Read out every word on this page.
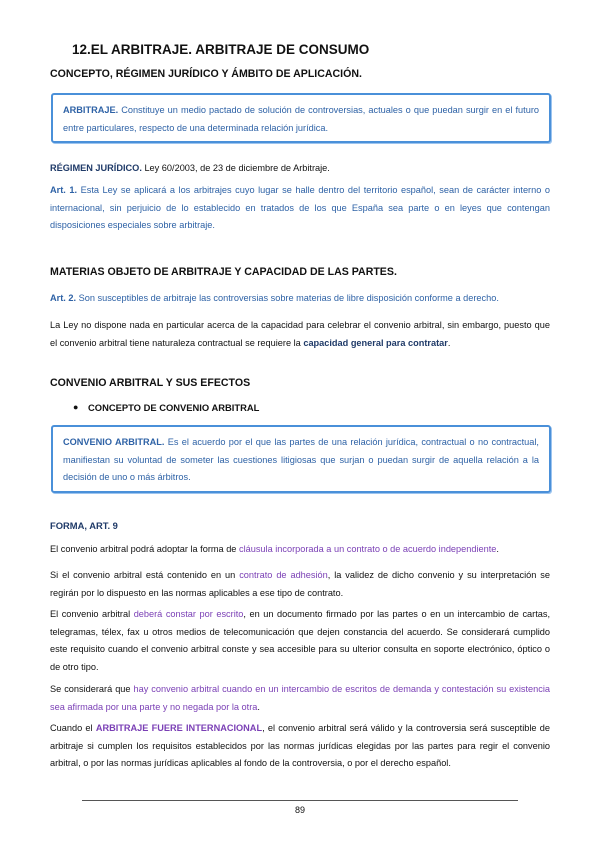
12.EL ARBITRAJE. ARBITRAJE DE CONSUMO
CONCEPTO, RÉGIMEN JURÍDICO Y ÁMBITO DE APLICACIÓN.
ARBITRAJE. Constituye un medio pactado de solución de controversias, actuales o que puedan surgir en el futuro entre particulares, respecto de una determinada relación jurídica.
RÉGIMEN JURÍDICO. Ley 60/2003, de 23 de diciembre de Arbitraje.
Art. 1. Esta Ley se aplicará a los arbitrajes cuyo lugar se halle dentro del territorio español, sean de carácter interno o internacional, sin perjuicio de lo establecido en tratados de los que España sea parte o en leyes que contengan disposiciones especiales sobre arbitraje.
MATERIAS OBJETO DE ARBITRAJE Y CAPACIDAD DE LAS PARTES.
Art. 2. Son susceptibles de arbitraje las controversias sobre materias de libre disposición conforme a derecho.
La Ley no dispone nada en particular acerca de la capacidad para celebrar el convenio arbitral, sin embargo, puesto que el convenio arbitral tiene naturaleza contractual se requiere la capacidad general para contratar.
CONVENIO ARBITRAL Y SUS EFECTOS
● CONCEPTO DE CONVENIO ARBITRAL
CONVENIO ARBITRAL. Es el acuerdo por el que las partes de una relación jurídica, contractual o no contractual, manifiestan su voluntad de someter las cuestiones litigiosas que surjan o puedan surgir de aquella relación a la decisión de uno o más árbitros.
FORMA, ART. 9
El convenio arbitral podrá adoptar la forma de cláusula incorporada a un contrato o de acuerdo independiente.
Si el convenio arbitral está contenido en un contrato de adhesión, la validez de dicho convenio y su interpretación se regirán por lo dispuesto en las normas aplicables a ese tipo de contrato.
El convenio arbitral deberá constar por escrito, en un documento firmado por las partes o en un intercambio de cartas, telegramas, télex, fax u otros medios de telecomunicación que dejen constancia del acuerdo. Se considerará cumplido este requisito cuando el convenio arbitral conste y sea accesible para su ulterior consulta en soporte electrónico, óptico o de otro tipo.
Se considerará que hay convenio arbitral cuando en un intercambio de escritos de demanda y contestación su existencia sea afirmada por una parte y no negada por la otra.
Cuando el ARBITRAJE FUERE INTERNACIONAL, el convenio arbitral será válido y la controversia será susceptible de arbitraje si cumplen los requisitos establecidos por las normas jurídicas elegidas por las partes para regir el convenio arbitral, o por las normas jurídicas aplicables al fondo de la controversia, o por el derecho español.
89
